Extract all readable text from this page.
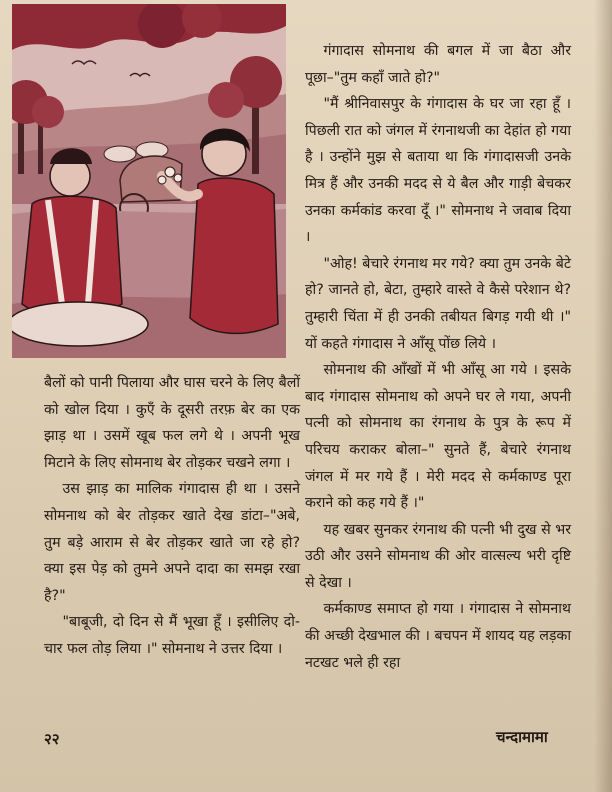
गंगादास सोमनाथ की बगल में जा बैठा और पूछा–"तुम कहाँ जाते हो?"

"मैं श्रीनिवासपुर के गंगादास के घर जा रहा हूँ । पिछली रात को जंगल में रंगनाथजी का देहांत हो गया है । उन्होंने मुझ से बताया था कि गंगादासजी उनके मित्र हैं और उनकी मदद से ये बैल और गाड़ी बेचकर उनका कर्मकांड करवा दूँ ।" सोमनाथ ने जवाब दिया ।

"ओह! बेचारे रंगनाथ मर गये? क्या तुम उनके बेटे हो? जानते हो, बेटा, तुम्हारे वास्ते वे कैसे परेशान थे? तुम्हारी चिंता में ही उनकी तबीयत बिगड़ गयी थी ।" यों कहते गंगादास ने आँसू पोंछ लिये ।

सोमनाथ की आँखों में भी आँसू आ गये । इसके बाद गंगादास सोमनाथ को अपने घर ले गया, अपनी पत्नी को सोमनाथ का रंगनाथ के पुत्र के रूप में परिचय कराकर बोला–" सुनते हैं, बेचारे रंगनाथ जंगल में मर गये हैं । मेरी मदद से कर्मकाण्ड पूरा कराने को कह गये हैं ।"

यह खबर सुनकर रंगनाथ की पत्नी भी दुख से भर उठी और उसने सोमनाथ की ओर वात्सल्य भरी दृष्टि से देखा ।

कर्मकाण्ड समाप्त हो गया । गंगादास ने सोमनाथ की अच्छी देखभाल की । बचपन में शायद यह लड़का नटखट भले ही रहा

बैलों को पानी पिलाया और घास चरने के लिए बैलों को खोल दिया । कुएँ के दूसरी तरफ़ बेर का एक झाड़ था । उसमें खूब फल लगे थे । अपनी भूख मिटाने के लिए सोमनाथ बेर तोड़कर चखने लगा ।

उस झाड़ का मालिक गंगादास ही था । उसने सोमनाथ को बेर तोड़कर खाते देख डांटा–"अबे, तुम बड़े आराम से बेर तोड़कर खाते जा रहे हो? क्या इस पेड़ को तुमने अपने दादा का समझ रखा है?"

"बाबूजी, दो दिन से मैं भूखा हूँ । इसीलिए दो-चार फल तोड़ लिया ।" सोमनाथ ने उत्तर दिया ।

२२	चन्दामामा
